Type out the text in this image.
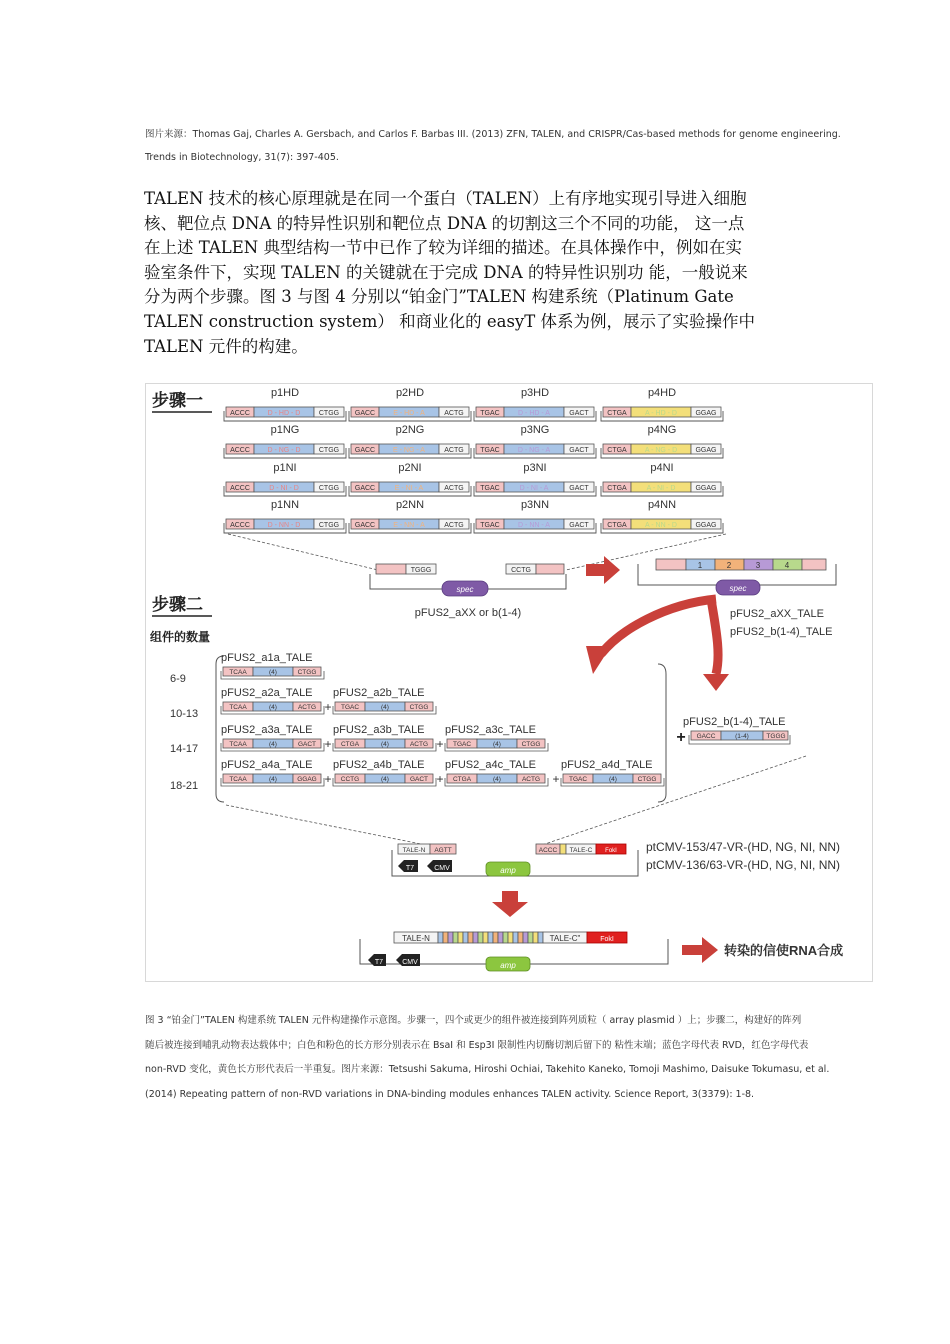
图片来源：Thomas Gaj, Charles A. Gersbach, and Carlos F. Barbas III. (2013) ZFN, TALEN, and CRISPR/Cas-based methods for genome engineering.
Trends in Biotechnology, 31(7): 397-405.

TALEN 技术的核心原理就是在同一个蛋白（TALEN）上有序地实现引导进入细胞

核、靶位点 DNA 的特异性识别和靶位点 DNA 的切割这三个不同的功能， 这一点

在上述 TALEN 典型结构一节中已作了较为详细的描述。在具体操作中，例如在实

验室条件下，实现 TALEN 的关键就在于完成 DNA 的特异性识别功 能，一般说来

分为两个步骤。图 3 与图 4 分别以“铂金门”TALEN 构建系统（Platinum Gate

TALEN construction system） 和商业化的 easyT 体系为例，展示了实验操作中

TALEN 元件的构建。

步骤一
步骤二
组件的数量
p1HD
ACCC	D - HD - D	CTGG
p2HD
GACC	E - HD - A	ACTG
p3HD
TGAC	D - HD - A	GACT
p4HD
CTGA	A - HD - D	GGAG
p1NG
ACCC	D - NG - D	CTGG
p2NG
GACC	E - NG - A	ACTG
p3NG
TGAC	D - NG - A	GACT
p4NG
CTGA	A - NG - D	GGAG
p1NI
ACCC	D - NI - D	CTGG
p2NI
GACC	E - NI - A	ACTG
p3NI
TGAC	D - NI - A	GACT
p4NI
CTGA	A - NI - D	GGAG
p1NN
ACCC	D - NN - D	CTGG
p2NN
GACC	E - NN - A	ACTG
p3NN
TGAC	D - NN - A	GACT
p4NN
CTGA	A - NN - D	GGAG
TGGG	CCTG
spec
pFUS2_aXX or b(1-4)
1	2	3	4
spec
pFUS2_aXX_TALE
pFUS2_b(1-4)_TALE
6-9
10-13
14-17
18-21
pFUS2_a1a_TALE
TCAA	(4)	CTGG
pFUS2_a2a_TALE
TCAA	(4)	ACTG
pFUS2_a2b_TALE
TGAC	(4)	CTGG
+
pFUS2_a3a_TALE
TCAA	(4)	GACT
pFUS2_a3b_TALE
CTGA	(4)	ACTG
+
pFUS2_a3c_TALE
TGAC	(4)	CTGG
+
pFUS2_a4a_TALE
TCAA	(4)	GGAG
pFUS2_a4b_TALE
CCTG	(4)	GACT
+
pFUS2_a4c_TALE
CTGA	(4)	ACTG
+
pFUS2_a4d_TALE
TGAC	(4)	CTGG
+
pFUS2_b(1-4)_TALE
+ GACC	(1-4)	TGGG
TALE-N AGTT	ACCC TALE-C FokI
T7	CMV	amp
ptCMV-153/47-VR-(HD, NG, NI, NN)
ptCMV-136/63-VR-(HD, NG, NI, NN)
TALE-N	TALE-C"	FokI
T7	CMV	amp
转染的信使RNA合成

图 3 “铂金门”TALEN 构建系统 TALEN 元件构建操作示意图。步骤一，四个或更少的组件被连接到阵列质粒（ array plasmid ）上；步骤二，构建好的阵列

随后被连接到哺乳动物表达载体中；白色和粉色的长方形分别表示在 BsaI 和 Esp3I 限制性内切酶切割后留下的 粘性末端；蓝色字母代表 RVD，红色字母代表

non-RVD 变化，黄色长方形代表后一半重复。图片来源：Tetsushi Sakuma, Hiroshi Ochiai, Takehito Kaneko, Tomoji Mashimo, Daisuke Tokumasu, et al.

(2014) Repeating pattern of non-RVD variations in DNA-binding modules enhances TALEN activity. Science Report, 3(3379): 1-8.
